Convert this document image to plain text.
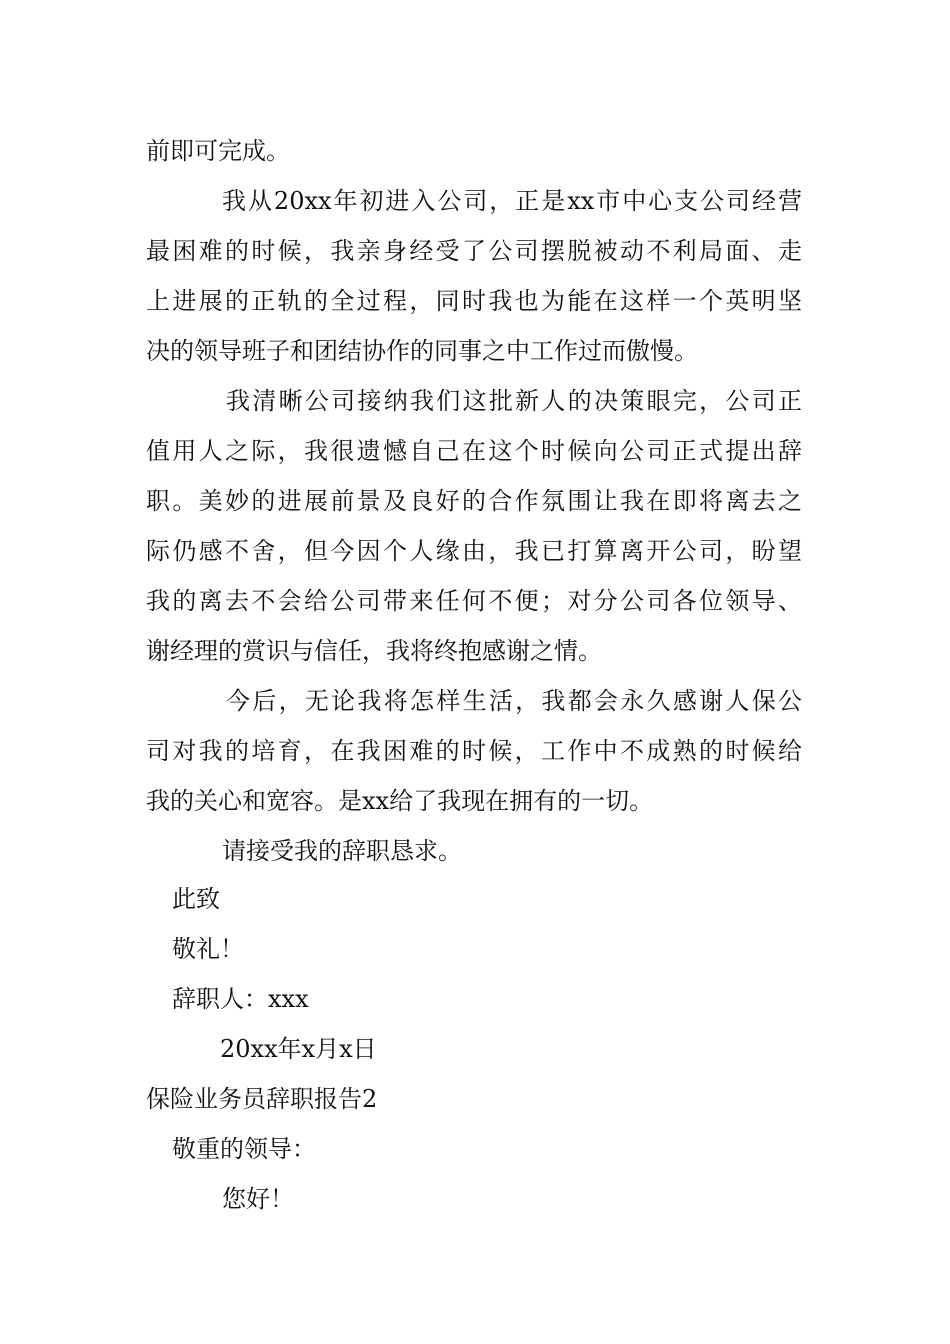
前即可完成。
我从20xx年初进入公司，正是xx市中心支公司经营
最困难的时候，我亲身经受了公司摆脱被动不利局面、走
上进展的正轨的全过程，同时我也为能在这样一个英明坚
决的领导班子和团结协作的同事之中工作过而傲慢。
我清晰公司接纳我们这批新人的决策眼完，公司正
值用人之际，我很遗憾自己在这个时候向公司正式提出辞
职。美妙的进展前景及良好的合作氛围让我在即将离去之
际仍感不舍，但今因个人缘由，我已打算离开公司，盼望
我的离去不会给公司带来任何不便；对分公司各位领导、
谢经理的赏识与信任，我将终抱感谢之情。
今后，无论我将怎样生活，我都会永久感谢人保公
司对我的培育，在我困难的时候，工作中不成熟的时候给
我的关心和宽容。是xx给了我现在拥有的一切。
请接受我的辞职恳求。
此致
敬礼！
辞职人：xxx
20xx年x月x日
保险业务员辞职报告2
敬重的领导：
您好！
